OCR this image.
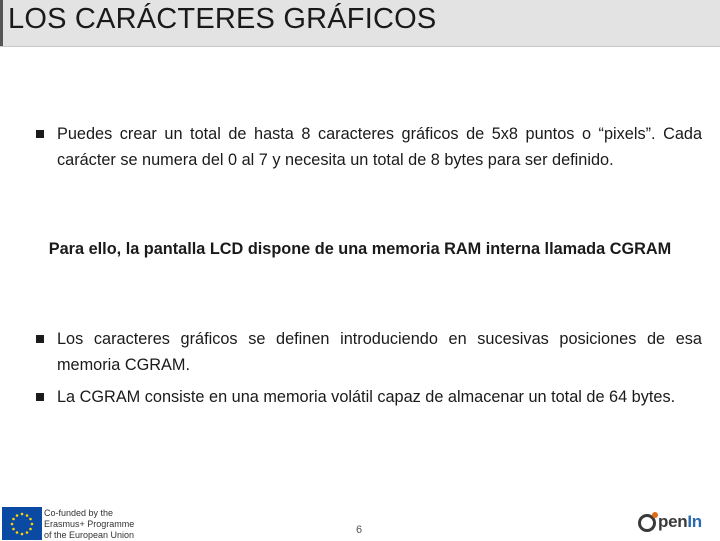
LOS CARÁCTERES GRÁFICOS
Puedes crear un total de hasta 8 caracteres gráficos de 5x8 puntos o “pixels”. Cada carácter se numera del 0 al 7 y necesita un total de 8 bytes para ser definido.
Para ello, la pantalla LCD dispone de una memoria RAM interna llamada CGRAM
Los caracteres gráficos se definen introduciendo en sucesivas posiciones de esa memoria CGRAM.
La CGRAM consiste en una memoria volátil capaz de almacenar un total de 64 bytes.
Co-funded by the
Erasmus+ Programme
of the European Union	6	penIn
